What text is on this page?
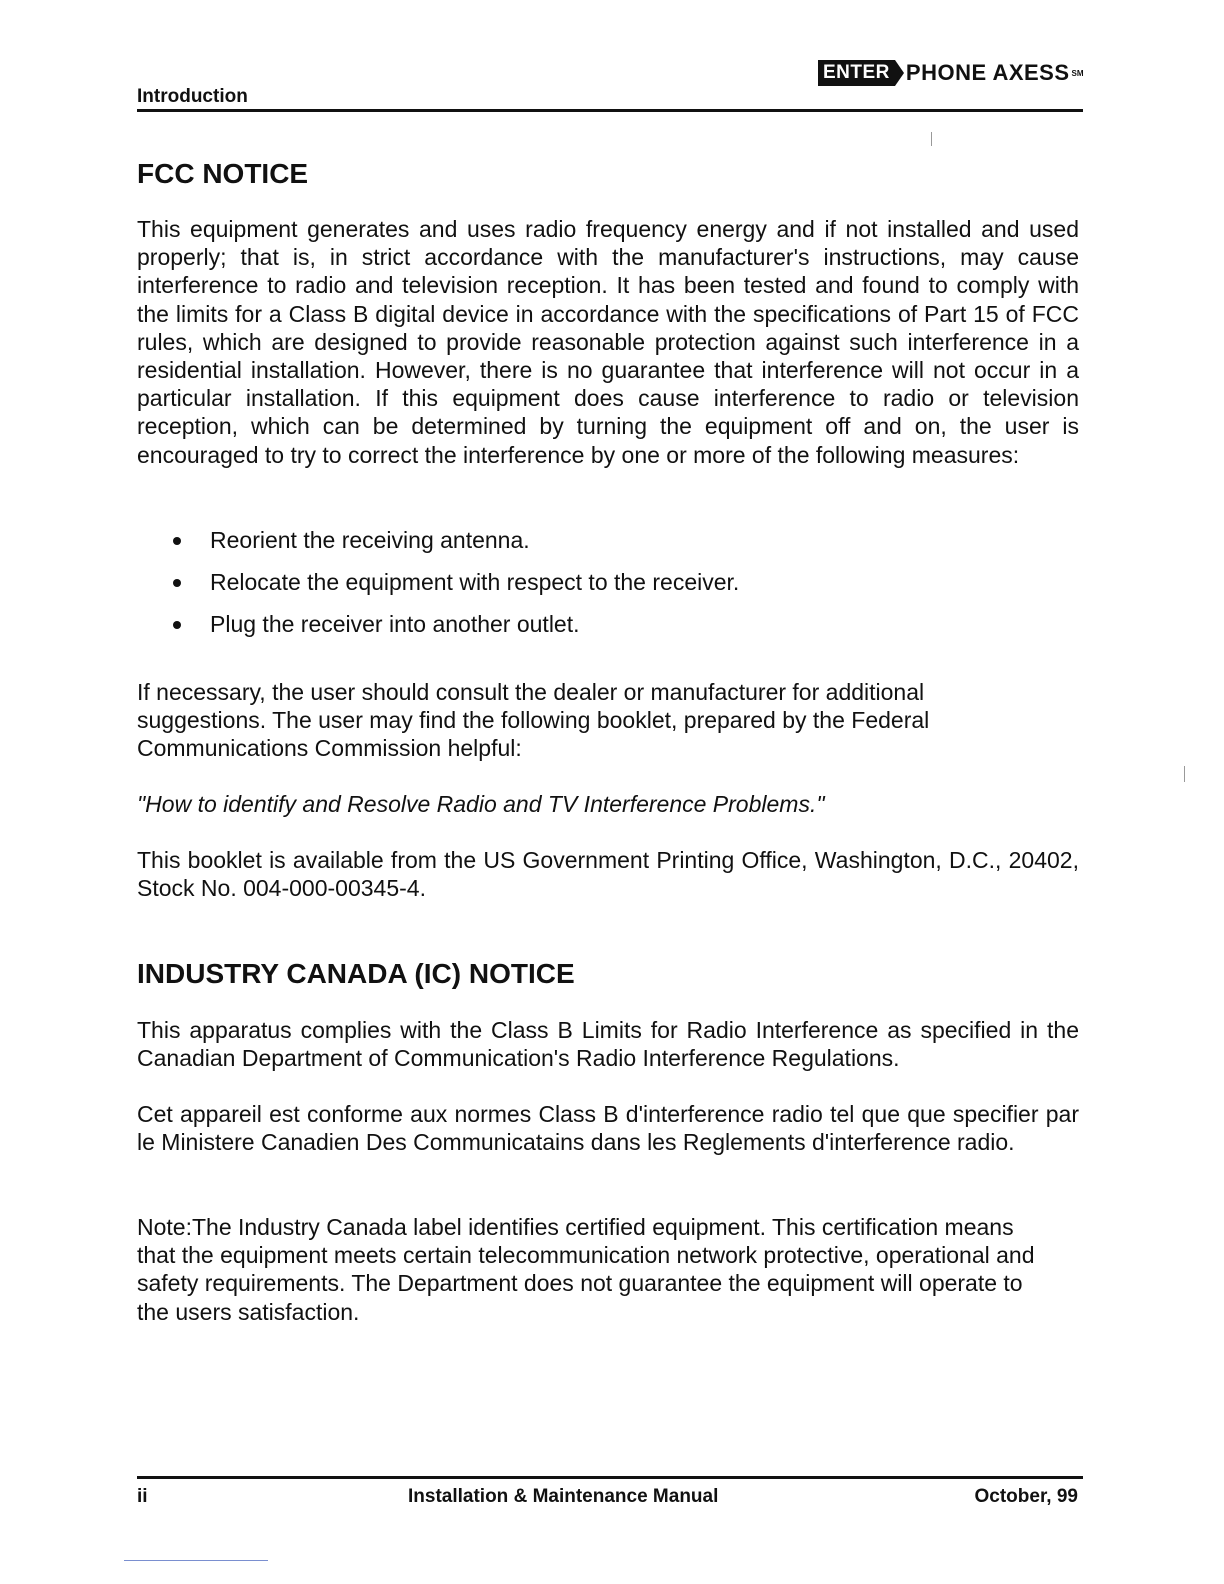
Introduction
ENTER PHONE AXESS SM
FCC NOTICE

This equipment generates and uses radio frequency energy and if not installed and used properly; that is, in strict accordance with the manufacturer's instructions, may cause interference to radio and television reception. It has been tested and found to comply with the limits for a Class B digital device in accordance with the specifications of Part 15 of FCC rules, which are designed to provide reasonable protection against such interference in a residential installation. However, there is no guarantee that interference will not occur in a particular installation. If this equipment does cause interference to radio or television reception, which can be determined by turning the equipment off and on, the user is encouraged to try to correct the interference by one or more of the following measures:

Reorient the receiving antenna.
Relocate the equipment with respect to the receiver.
Plug the receiver into another outlet.

If necessary, the user should consult the dealer or manufacturer for additional suggestions. The user may find the following booklet, prepared by the Federal Communications Commission helpful:

"How to identify and Resolve Radio and TV Interference Problems."

This booklet is available from the US Government Printing Office, Washington, D.C., 20402, Stock No. 004-000-00345-4.

INDUSTRY CANADA (IC) NOTICE

This apparatus complies with the Class B Limits for Radio Interference as specified in the Canadian Department of Communication's Radio Interference Regulations.

Cet appareil est conforme aux normes Class B d'interference radio tel que que specifier par le Ministere Canadien Des Communicatains dans les Reglements d'interference radio.

Note:The Industry Canada label identifies certified equipment. This certification means that the equipment meets certain telecommunication network protective, operational and safety requirements. The Department does not guarantee the equipment will operate to the users satisfaction.

ii	Installation & Maintenance Manual	October, 99
